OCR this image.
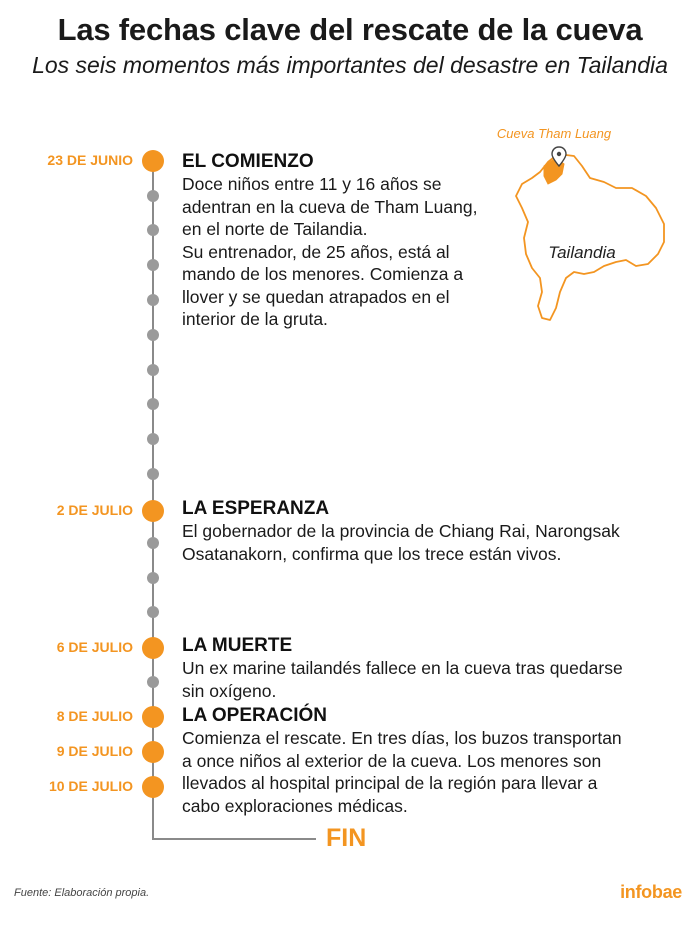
Las fechas clave del rescate de la cueva
Los seis momentos más importantes del desastre en Tailandia
Cueva Tham Luang
Tailandia
FIN
23 DE JUNIO
2 DE JULIO
6 DE JULIO
8 DE JULIO
9 DE JULIO
10 DE JULIO
EL COMIENZO
Doce niños entre 11 y 16 años se
adentran en la cueva de Tham Luang,
en el norte de Tailandia.
Su entrenador, de 25 años, está al
mando de los menores. Comienza a
llover y se quedan atrapados en el
interior de la gruta.
LA ESPERANZA
El gobernador de la provincia de Chiang Rai, Narongsak
Osatanakorn, confirma que los trece están vivos.
LA MUERTE
Un ex marine tailandés fallece en la cueva tras quedarse
sin oxígeno.
LA OPERACIÓN
Comienza el rescate. En tres días, los buzos transportan
a once niños al exterior de la cueva. Los menores son
llevados al hospital principal de la región para llevar a
cabo exploraciones médicas.
Fuente: Elaboración propia.	infobae
